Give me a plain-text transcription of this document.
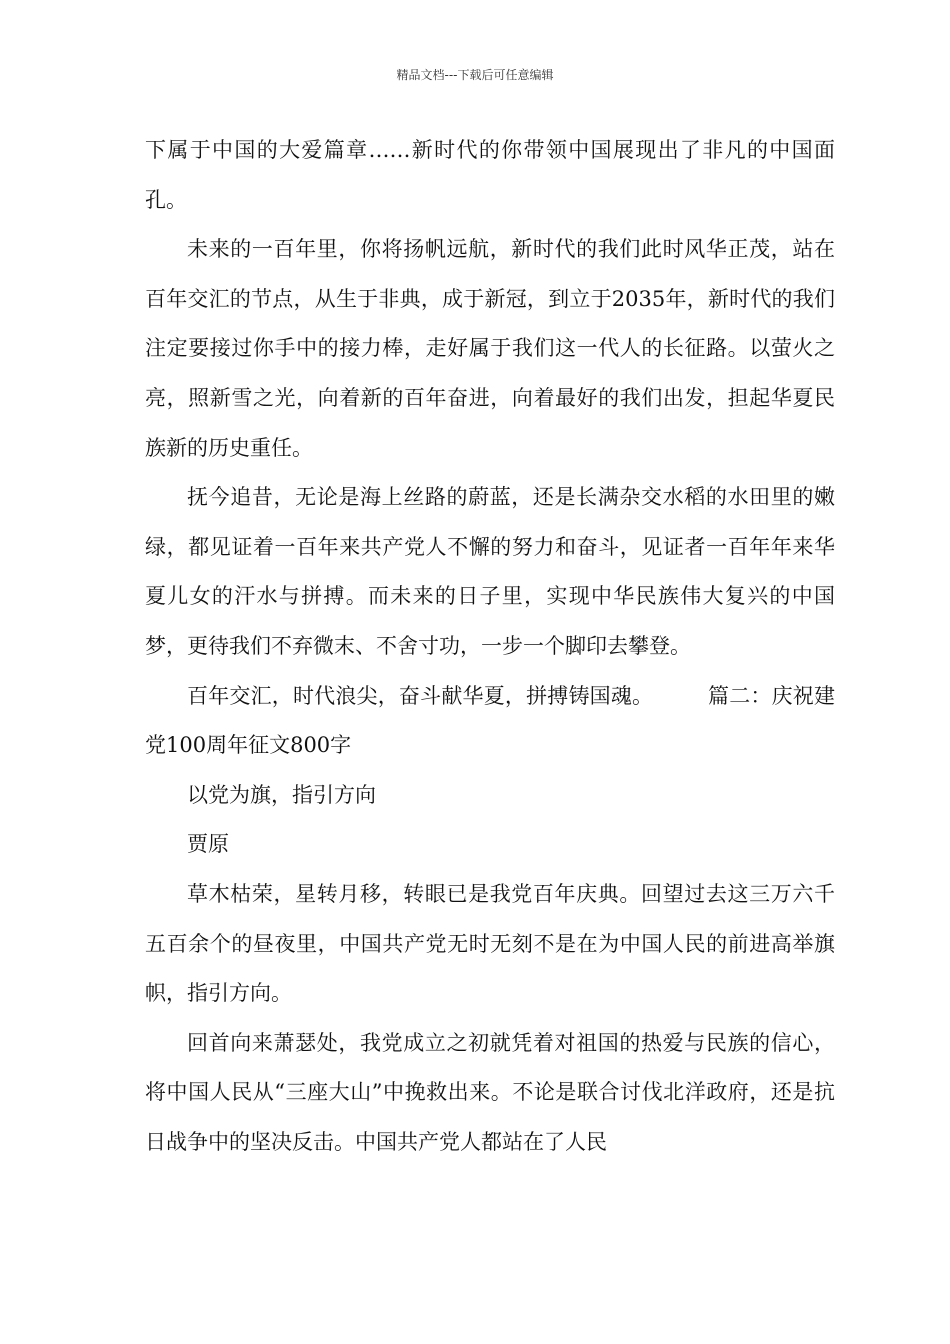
精品文档---下载后可任意编辑

下属于中国的大爱篇章……新时代的你带领中国展现出了非凡的中国面孔。

未来的一百年里，你将扬帆远航，新时代的我们此时风华正茂，站在百年交汇的节点，从生于非典，成于新冠，到立于2035年，新时代的我们注定要接过你手中的接力棒，走好属于我们这一代人的长征路。以萤火之亮，照新雪之光，向着新的百年奋进，向着最好的我们出发，担起华夏民族新的历史重任。

抚今追昔，无论是海上丝路的蔚蓝，还是长满杂交水稻的水田里的嫩绿，都见证着一百年来共产党人不懈的努力和奋斗，见证者一百年年来华夏儿女的汗水与拼搏。而未来的日子里，实现中华民族伟大复兴的中国梦，更待我们不弃微末、不舍寸功，一步一个脚印去攀登。

百年交汇，时代浪尖，奋斗献华夏，拼搏铸国魂。	篇二：庆祝建党100周年征文800字

以党为旗，指引方向

贾原

草木枯荣，星转月移，转眼已是我党百年庆典。回望过去这三万六千五百余个的昼夜里，中国共产党无时无刻不是在为中国人民的前进高举旗帜，指引方向。

回首向来萧瑟处，我党成立之初就凭着对祖国的热爱与民族的信心，将中国人民从“三座大山”中挽救出来。不论是联合讨伐北洋政府，还是抗日战争中的坚决反击。中国共产党人都站在了人民
